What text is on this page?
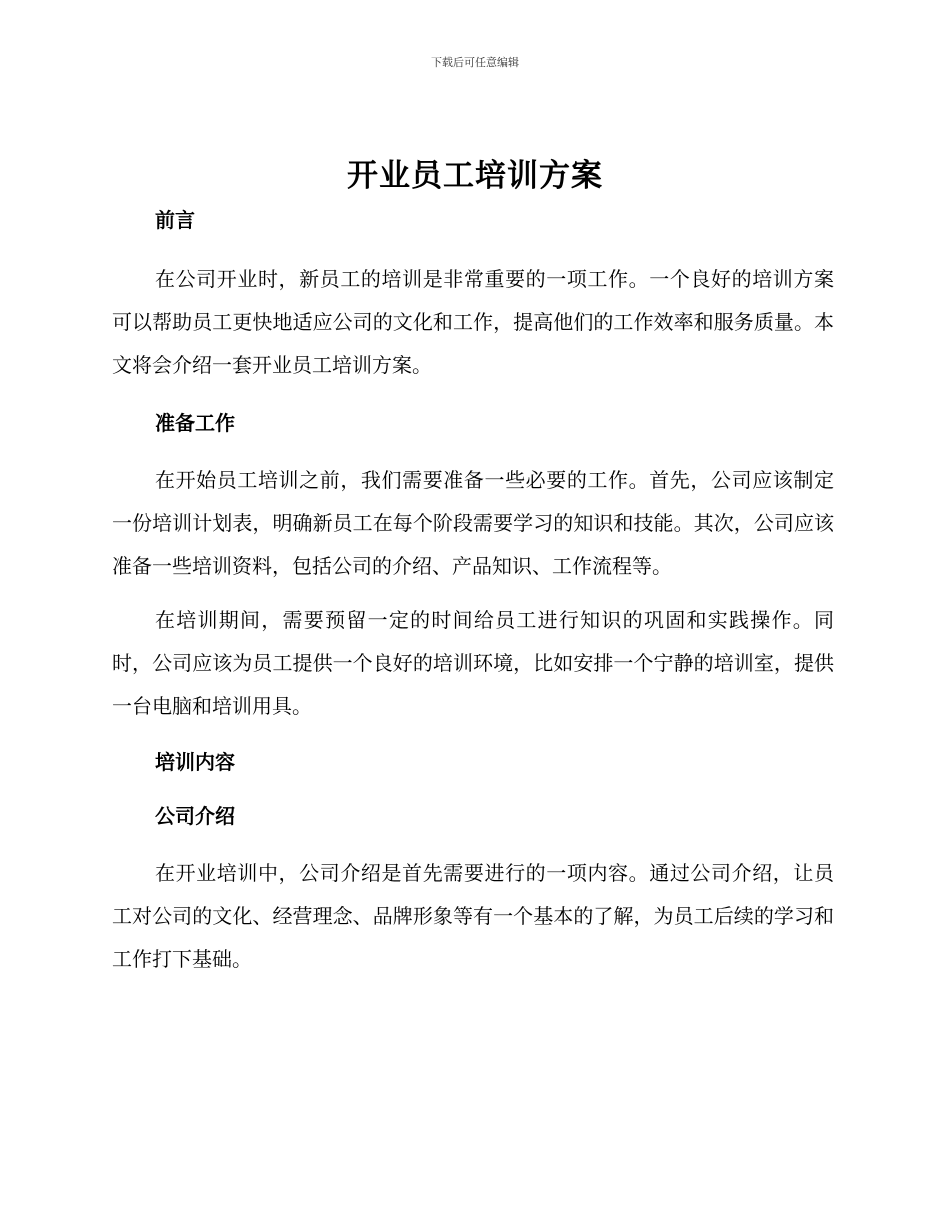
下载后可任意编辑
开业员工培训方案
前言

在公司开业时，新员工的培训是非常重要的一项工作。一个良好的培训方案可以帮助员工更快地适应公司的文化和工作，提高他们的工作效率和服务质量。本文将会介绍一套开业员工培训方案。

准备工作

在开始员工培训之前，我们需要准备一些必要的工作。首先，公司应该制定一份培训计划表，明确新员工在每个阶段需要学习的知识和技能。其次，公司应该准备一些培训资料，包括公司的介绍、产品知识、工作流程等。

在培训期间，需要预留一定的时间给员工进行知识的巩固和实践操作。同时，公司应该为员工提供一个良好的培训环境，比如安排一个宁静的培训室，提供一台电脑和培训用具。

培训内容
公司介绍

在开业培训中，公司介绍是首先需要进行的一项内容。通过公司介绍，让员工对公司的文化、经营理念、品牌形象等有一个基本的了解，为员工后续的学习和工作打下基础。
